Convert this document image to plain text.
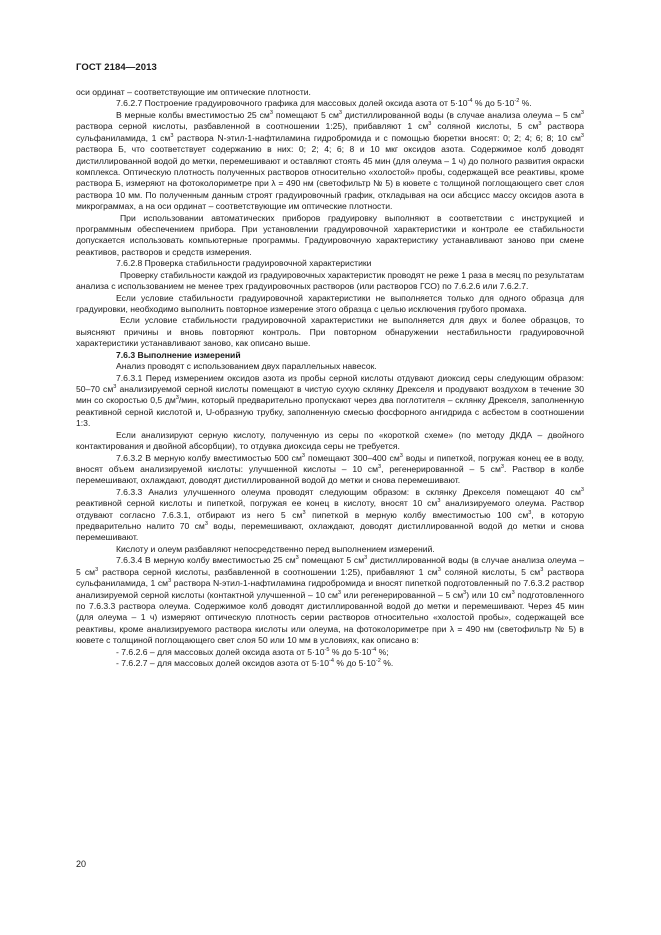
ГОСТ 2184—2013

оси ординат – соответствующие им оптические плотности.

7.6.2.7 Построение градуировочного графика для массовых долей оксида азота от $5\cdot 10^{-4}$ % до $5\cdot 10^{-2}$ %.

В мерные колбы вместимостью 25 $см^3$ помещают 5 $см^3$ дистиллированной воды (в случае анализа олеума – 5 $см^3$ раствора серной кислоты, разбавленной в соотношении 1:25), прибавляют 1 $см^3$ соляной кислоты, 5 $см^3$ раствора сульфаниламида, 1 $см^3$ раствора N-этил-1-нафтиламина гидробромида и с помощью бюретки вносят: 0; 2; 4; 6; 8; 10 $см^3$ раствора Б, что соответствует содержанию в них: 0; 2; 4; 6; 8 и 10 мкг оксидов азота. Содержимое колб доводят дистиллированной водой до метки, перемешивают и оставляют стоять 45 мин (для олеума – 1 ч) до полного развития окраски комплекса. Оптическую плотность полученных растворов относительно «холостой» пробы, содержащей все реактивы, кроме раствора Б, измеряют на фотоколориметре при λ = 490 нм (светофильтр № 5) в кювете с толщиной поглощающего свет слоя раствора 10 мм. По полученным данным строят градуировочный график, откладывая на оси абсцисс массу оксидов азота в микрограммах, а на оси ординат – соответствующие им оптические плотности.

При использовании автоматических приборов градуировку выполняют в соответствии с инструкцией и программным обеспечением прибора. При установлении градуировочной характеристики и контроле ее стабильности допускается использовать компьютерные программы. Градуировочную характеристику устанавливают заново при смене реактивов, растворов и средств измерения.

7.6.2.8 Проверка стабильности градуировочной характеристики

Проверку стабильности каждой из градуировочных характеристик проводят не реже 1 раза в месяц по результатам анализа с использованием не менее трех градуировочных растворов (или растворов ГСО) по 7.6.2.6 или 7.6.2.7.

Если условие стабильности градуировочной характеристики не выполняется только для одного образца для градуировки, необходимо выполнить повторное измерение этого образца с целью исключения грубого промаха.

Если условие стабильности градуировочной характеристики не выполняется для двух и более образцов, то выясняют причины и вновь повторяют контроль. При повторном обнаружении нестабильности градуировочной характеристики устанавливают заново, как описано выше.

7.6.3 Выполнение измерений

Анализ проводят с использованием двух параллельных навесок.

7.6.3.1 Перед измерением оксидов азота из пробы серной кислоты отдувают диоксид серы следующим образом: 50–70 $см^3$ анализируемой серной кислоты помещают в чистую сухую склянку Дрекселя и продувают воздухом в течение 30 мин со скоростью 0,5 $дм^3$/мин, который предварительно пропускают через два поглотителя – склянку Дрекселя, заполненную реактивной серной кислотой и, U-образную трубку, заполненную смесью фосфорного ангидрида с асбестом в соотношении 1:3.

Если анализируют серную кислоту, полученную из серы по «короткой схеме» (по методу ДКДА – двойного контактирования и двойной абсорбции), то отдувка диоксида серы не требуется.

7.6.3.2 В мерную колбу вместимостью 500 $см^3$ помещают 300–400 $см^3$ воды и пипеткой, погружая конец ее в воду, вносят объем анализируемой кислоты: улучшенной кислоты – 10 $см^3$, регенерированной – 5 $см^3$. Раствор в колбе перемешивают, охлаждают, доводят дистиллированной водой до метки и снова перемешивают.

7.6.3.3 Анализ улучшенного олеума проводят следующим образом: в склянку Дрекселя помещают 40 $см^3$ реактивной серной кислоты и пипеткой, погружая ее конец в кислоту, вносят 10 $см^3$ анализируемого олеума. Раствор отдувают согласно 7.6.3.1, отбирают из него 5 $см^3$ пипеткой в мерную колбу вместимостью 100 $см^3$, в которую предварительно налито 70 $см^3$ воды, перемешивают, охлаждают, доводят дистиллированной водой до метки и снова перемешивают.

Кислоту и олеум разбавляют непосредственно перед выполнением измерений.

7.6.3.4 В мерную колбу вместимостью 25 $см^3$ помещают 5 $см^3$ дистиллированной воды (в случае анализа олеума – 5 $см^3$ раствора серной кислоты, разбавленной в соотношении 1:25), прибавляют 1 $см^3$ соляной кислоты, 5 $см^3$ раствора сульфаниламида, 1 $см^3$ раствора N-этил-1-нафтиламина гидробромида и вносят пипеткой подготовленный по 7.6.3.2 раствор анализируемой серной кислоты (контактной улучшенной – 10 $см^3$ или регенерированной – 5 $см^3$) или 10 $см^3$ подготовленного по 7.6.3.3 раствора олеума. Содержимое колб доводят дистиллированной водой до метки и перемешивают. Через 45 мин (для олеума – 1 ч) измеряют оптическую плотность серии растворов относительно «холостой пробы», содержащей все реактивы, кроме анализируемого раствора кислоты или олеума, на фотоколориметре при λ = 490 нм (светофильтр № 5) в кювете с толщиной поглощающего свет слоя 50 или 10 мм в условиях, как описано в:

- 7.6.2.6 – для массовых долей оксида азота от $5\cdot 10^{-5}$ % до $5\cdot 10^{-4}$ %;

- 7.6.2.7 – для массовых долей оксидов азота от $5\cdot 10^{-4}$ % до $5\cdot 10^{-2}$ %.

20
